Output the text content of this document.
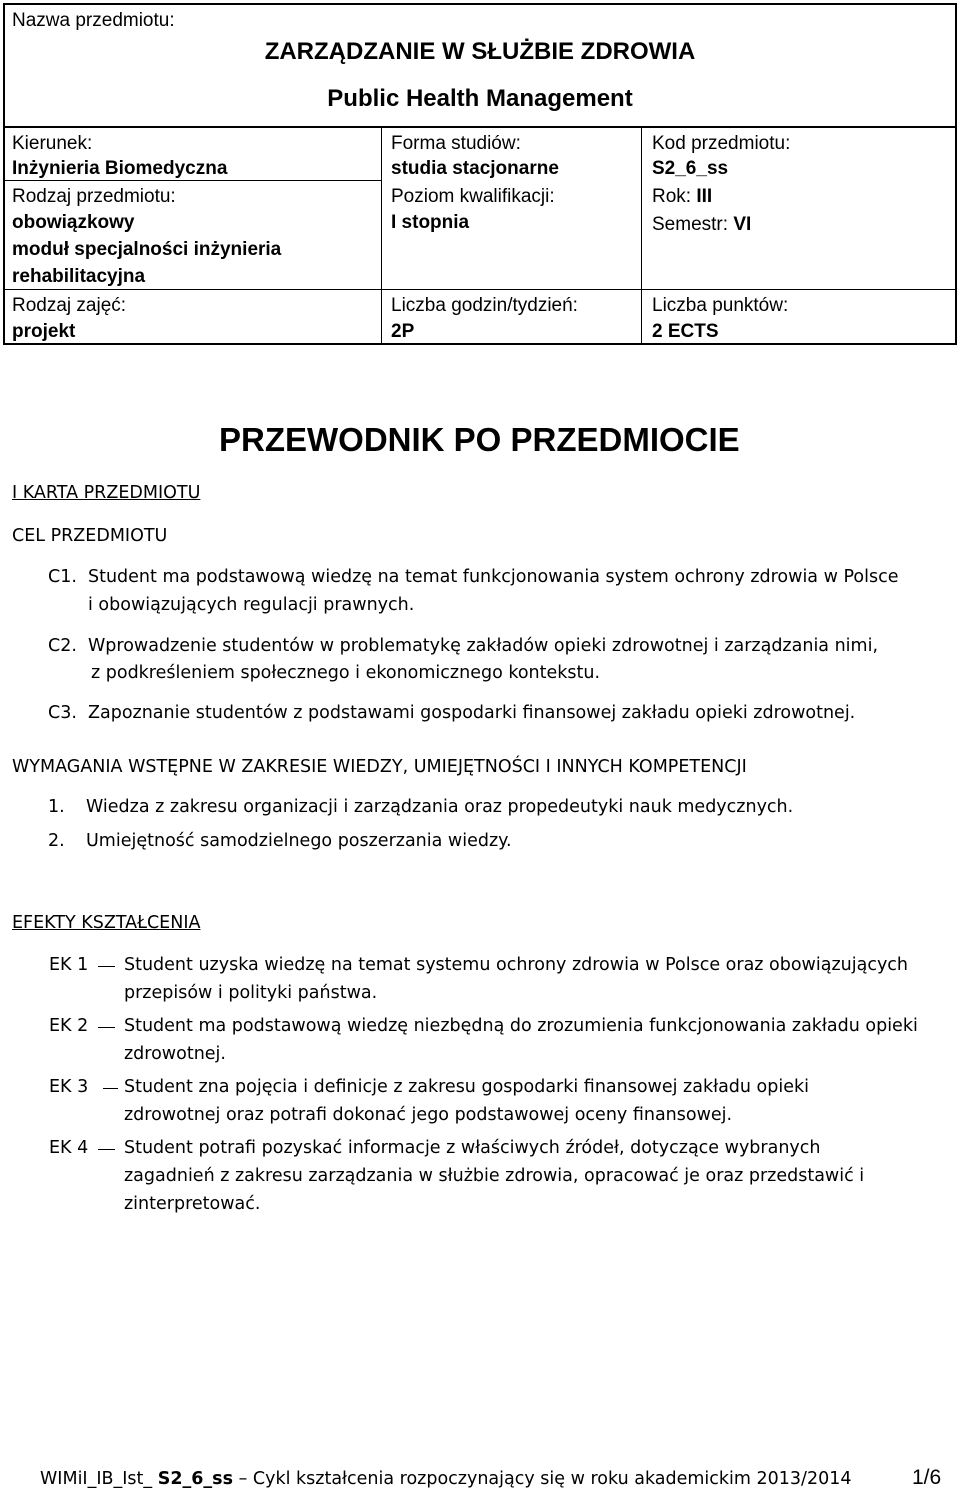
Nazwa przedmiotu:
ZARZĄDZANIE W SŁUŻBIE ZDROWIA
Public Health Management
Kierunek:
Inżynieria Biomedyczna
Rodzaj przedmiotu:
obowiązkowy
moduł specjalności inżynieria
rehabilitacyjna
Rodzaj zajęć:
projekt
Forma studiów:
studia stacjonarne
Poziom kwalifikacji:
I stopnia
Liczba godzin/tydzień:
2P
Kod przedmiotu:
S2_6_ss
Rok: III
Semestr: VI
Liczba punktów:
2 ECTS
PRZEWODNIK PO PRZEDMIOCIE
I KARTA PRZEDMIOTU
CEL PRZEDMIOTU
C1. Student ma podstawową wiedzę na temat funkcjonowania system ochrony zdrowia w Polsce
i obowiązujących regulacji prawnych.
C2. Wprowadzenie studentów w problematykę zakładów opieki zdrowotnej i zarządzania nimi,
z podkreśleniem społecznego i ekonomicznego kontekstu.
C3. Zapoznanie studentów z podstawami gospodarki finansowej zakładu opieki zdrowotnej.
WYMAGANIA WSTĘPNE W ZAKRESIE WIEDZY, UMIEJĘTNOŚCI I INNYCH KOMPETENCJI
1. Wiedza z zakresu organizacji i zarządzania oraz propedeutyki nauk medycznych.
2. Umiejętność samodzielnego poszerzania wiedzy.
EFEKTY KSZTAŁCENIA
EK 1 Student uzyska wiedzę na temat systemu ochrony zdrowia w Polsce oraz obowiązujących
przepisów i polityki państwa.
EK 2 Student ma podstawową wiedzę niezbędną do zrozumienia funkcjonowania zakładu opieki
zdrowotnej.
EK 3 Student zna pojęcia i definicje z zakresu gospodarki finansowej zakładu opieki
zdrowotnej oraz potrafi dokonać jego podstawowej oceny finansowej.
EK 4 Student potrafi pozyskać informacje z właściwych źródeł, dotyczące wybranych
zagadnień z zakresu zarządzania w służbie zdrowia, opracować je oraz przedstawić i
zinterpretować.
WIMiI_IB_Ist_ S2_6_ss – Cykl kształcenia rozpoczynający się w roku akademickim 2013/2014	1/6
